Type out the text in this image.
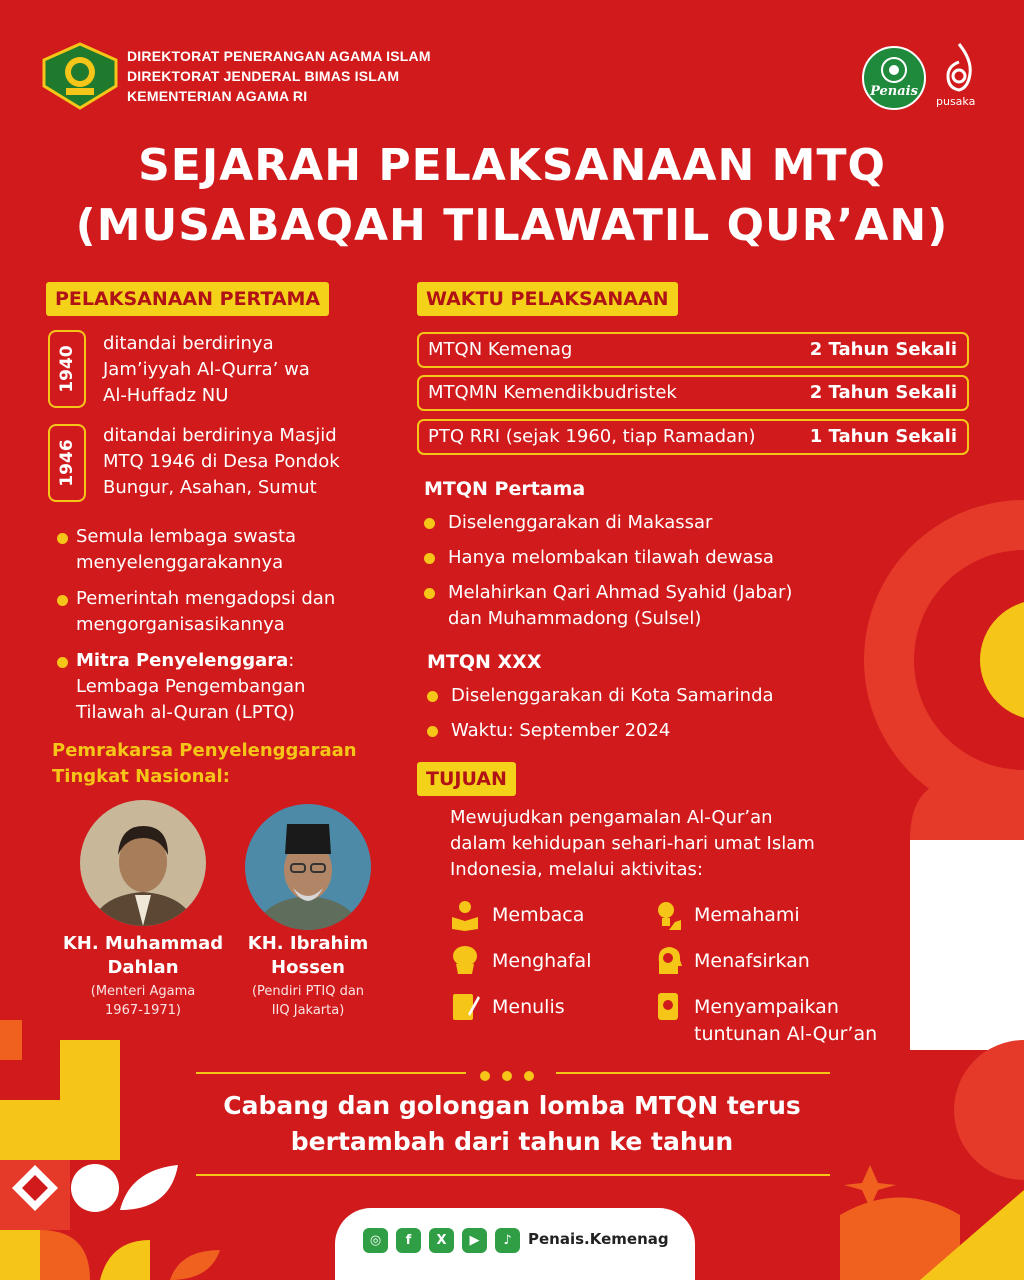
DIREKTORAT PENERANGAN AGAMA ISLAM
DIREKTORAT JENDERAL BIMAS ISLAM
KEMENTERIAN AGAMA RI	Penais
pusaka
SEJARAH PELAKSANAAN MTQ
(MUSABAQAH TILAWATIL QUR’AN)
PELAKSANAAN PERTAMA
1940
ditandai berdirinya
Jam’iyyah Al-Qurra’ wa
Al-Huffadz NU
1946
ditandai berdirinya Masjid
MTQ 1946 di Desa Pondok
Bungur, Asahan, Sumut
Semula lembaga swasta
menyelenggarakannya
Pemerintah mengadopsi dan
mengorganisasikannya
Mitra Penyelenggara:
Lembaga Pengembangan
Tilawah al-Quran (LPTQ)
Pemrakarsa Penyelenggaraan
Tingkat Nasional:
KH. Muhammad
Dahlan
(Menteri Agama
1967-1971)
KH. Ibrahim
Hossen
(Pendiri PTIQ dan
IIQ Jakarta)
WAKTU PELAKSANAAN
MTQN Kemenag	2 Tahun Sekali
MTQMN Kemendikbudristek	2 Tahun Sekali
PTQ RRI (sejak 1960, tiap Ramadan)	1 Tahun Sekali
MTQN Pertama
Diselenggarakan di Makassar
Hanya melombakan tilawah dewasa
Melahirkan Qari Ahmad Syahid (Jabar)
dan Muhammadong (Sulsel)
MTQN XXX
Diselenggarakan di Kota Samarinda
Waktu: September 2024
TUJUAN
Mewujudkan pengamalan Al-Qur’an
dalam kehidupan sehari-hari umat Islam
Indonesia, melalui aktivitas:
Membaca	Memahami
Menghafal	Menafsirkan
Menulis	Menyampaikan
tuntunan Al-Qur’an
Cabang dan golongan lomba MTQN terus
bertambah dari tahun ke tahun
◎	f	X	▶	♪	Penais.Kemenag
